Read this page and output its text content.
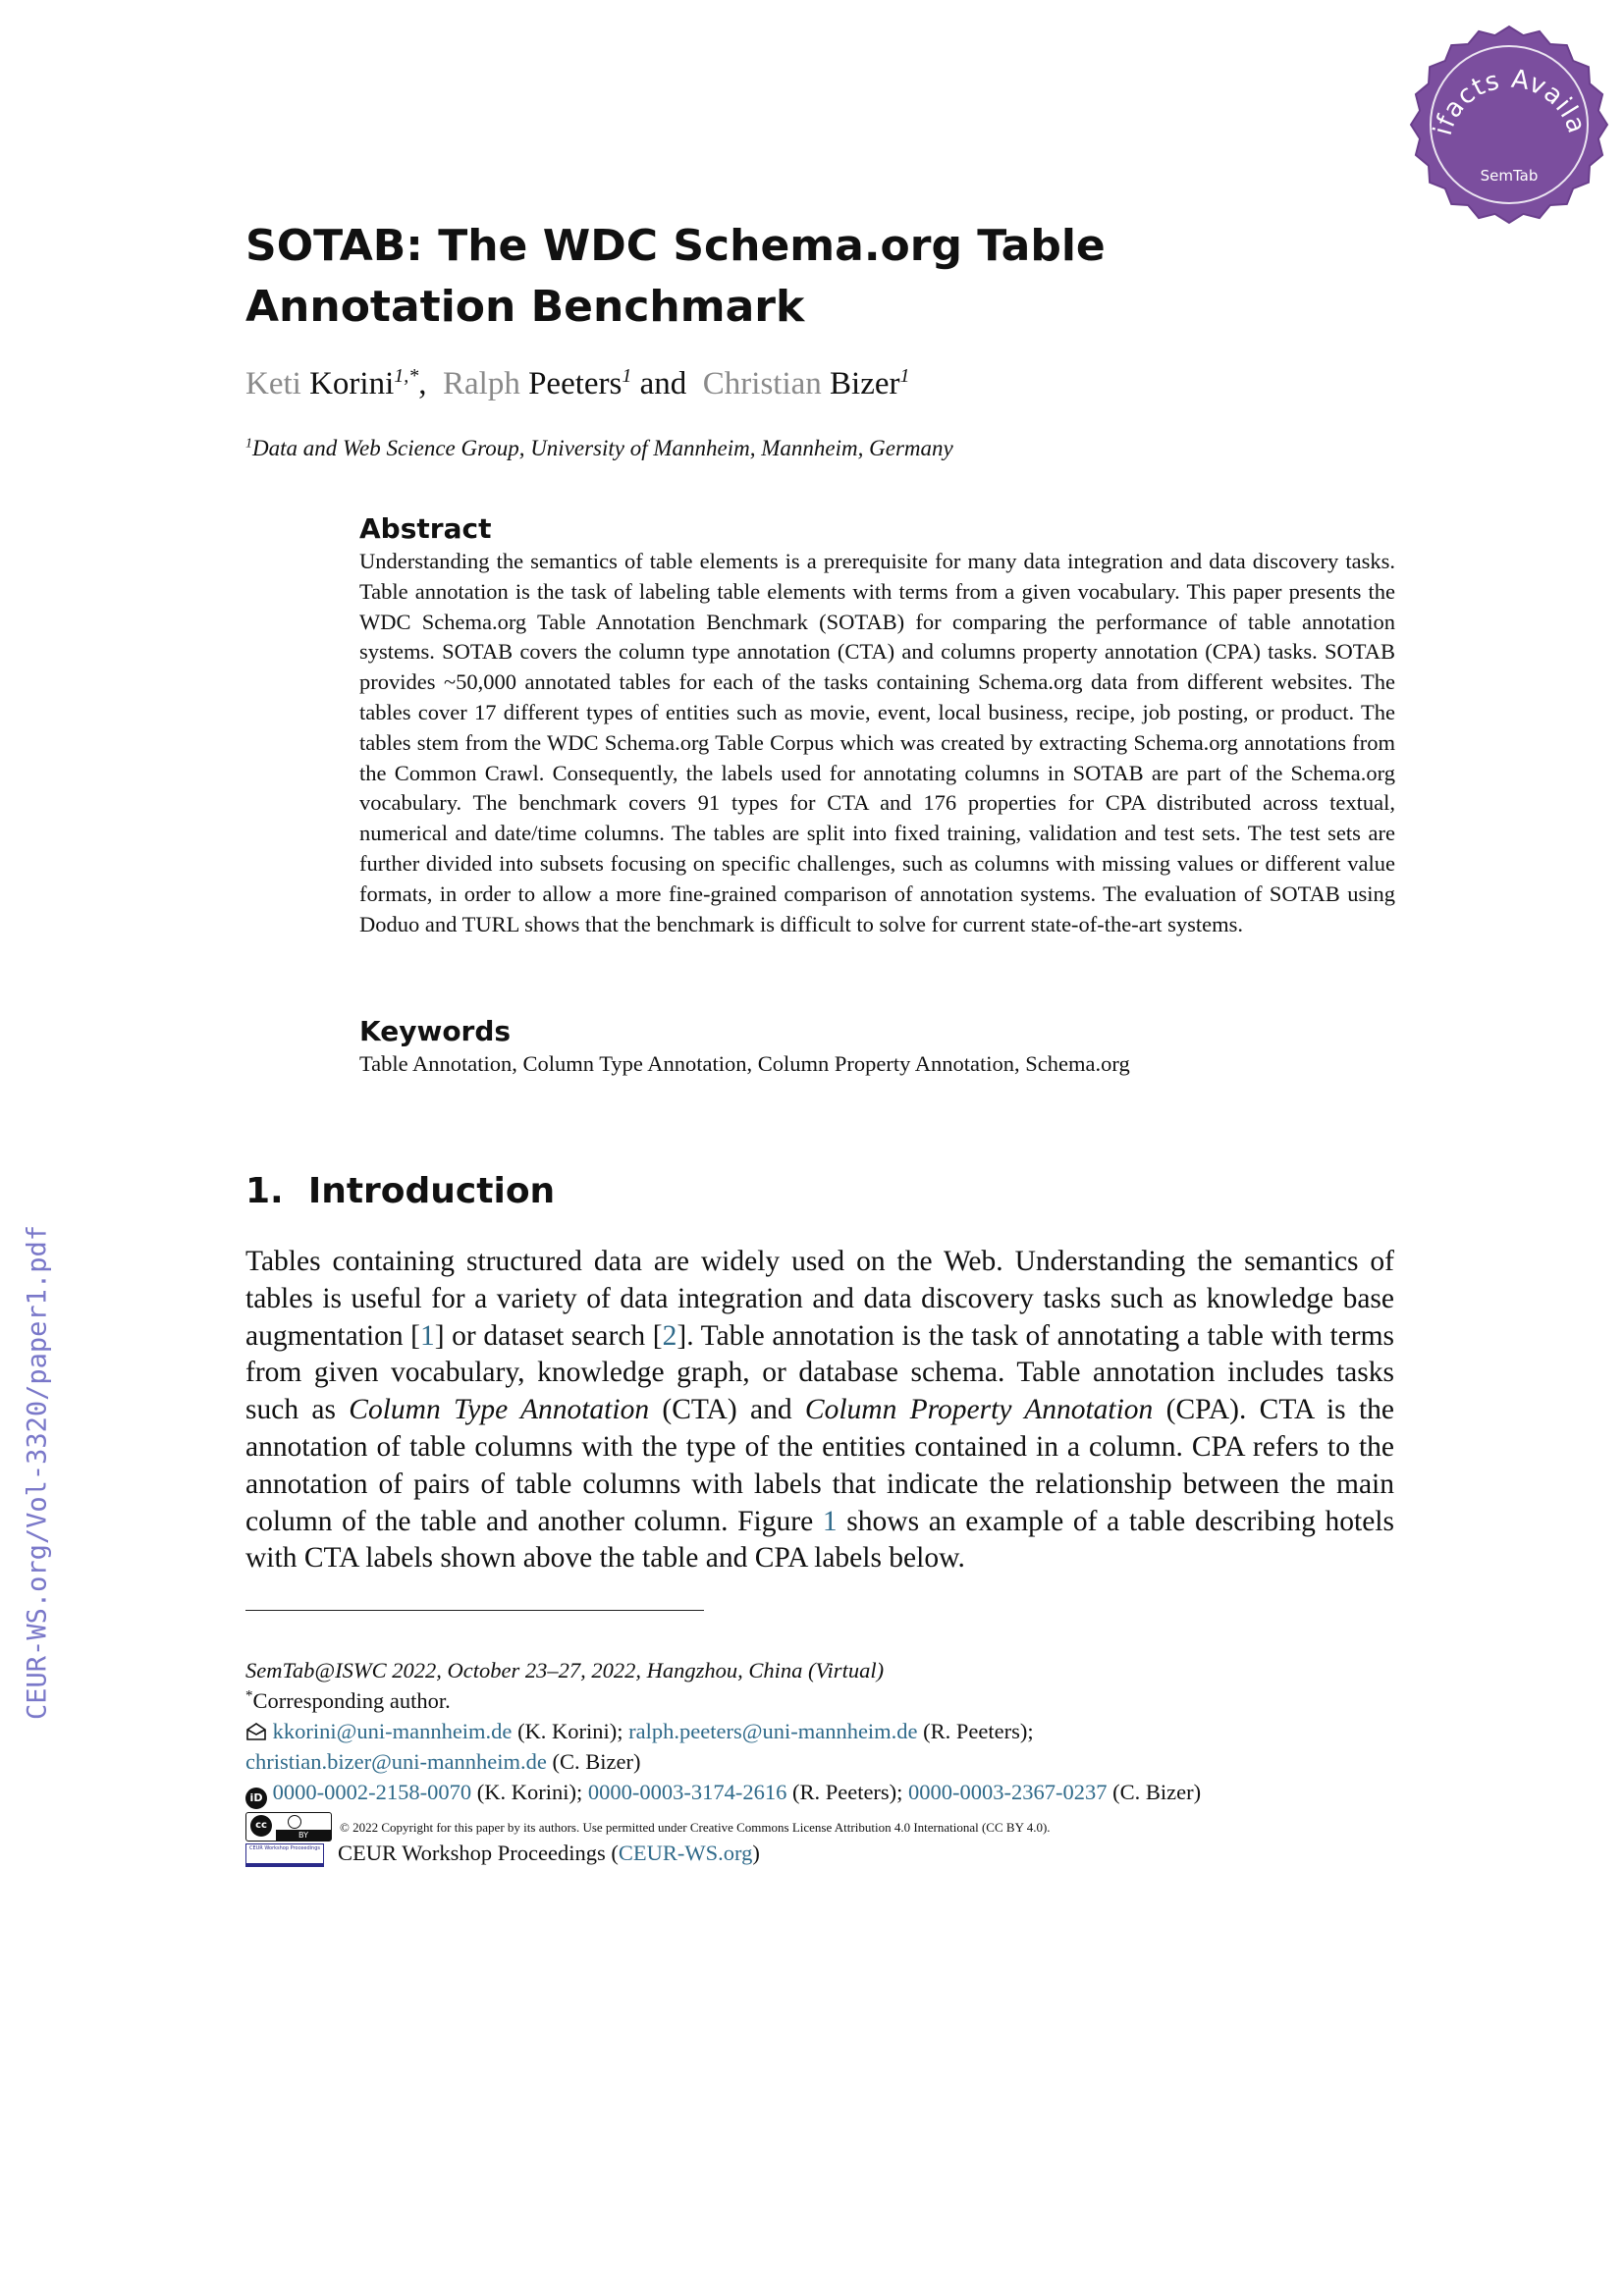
CEUR-WS.org/Vol-3320/paper1.pdf
ifacts Availa
SemTab
SOTAB: The WDC Schema.org Table Annotation Benchmark
Keti Korini$^{1,*}$, Ralph Peeters$^1$ and Christian Bizer$^1$
$^1$Data and Web Science Group, University of Mannheim, Mannheim, Germany
Abstract
Understanding the semantics of table elements is a prerequisite for many data integration and data discovery tasks. Table annotation is the task of labeling table elements with terms from a given vocabulary. This paper presents the WDC Schema.org Table Annotation Benchmark (SOTAB) for comparing the performance of table annotation systems. SOTAB covers the column type annotation (CTA) and columns property annotation (CPA) tasks. SOTAB provides ~50,000 annotated tables for each of the tasks containing Schema.org data from different websites. The tables cover 17 different types of entities such as movie, event, local business, recipe, job posting, or product. The tables stem from the WDC Schema.org Table Corpus which was created by extracting Schema.org annotations from the Common Crawl. Consequently, the labels used for annotating columns in SOTAB are part of the Schema.org vocabulary. The benchmark covers 91 types for CTA and 176 properties for CPA distributed across textual, numerical and date/time columns. The tables are split into fixed training, validation and test sets. The test sets are further divided into subsets focusing on specific challenges, such as columns with missing values or different value formats, in order to allow a more fine-grained comparison of annotation systems. The evaluation of SOTAB using Doduo and TURL shows that the benchmark is difficult to solve for current state-of-the-art systems.
Keywords
Table Annotation, Column Type Annotation, Column Property Annotation, Schema.org
1. Introduction
Tables containing structured data are widely used on the Web. Understanding the semantics of tables is useful for a variety of data integration and data discovery tasks such as knowledge base augmentation [1] or dataset search [2]. Table annotation is the task of annotating a table with terms from given vocabulary, knowledge graph, or database schema. Table annotation includes tasks such as Column Type Annotation (CTA) and Column Property Annotation (CPA). CTA is the annotation of table columns with the type of the entities contained in a column. CPA refers to the annotation of pairs of table columns with labels that indicate the relationship between the main column of the table and another column. Figure 1 shows an example of a table describing hotels with CTA labels shown above the table and CPA labels below.
SemTab@ISWC 2022, October 23–27, 2022, Hangzhou, China (Virtual)
*Corresponding author.
kkorini@uni-mannheim.de (K. Korini); ralph.peeters@uni-mannheim.de (R. Peeters);
christian.bizer@uni-mannheim.de (C. Bizer)
iD 0000-0002-2158-0070 (K. Korini); 0000-0003-3174-2616 (R. Peeters); 0000-0003-2367-0237 (C. Bizer)
cc
BY
© 2022 Copyright for this paper by its authors. Use permitted under Creative Commons License Attribution 4.0 International (CC BY 4.0).
CEUR Workshop Proceedings CEUR Workshop Proceedings (CEUR-WS.org)
